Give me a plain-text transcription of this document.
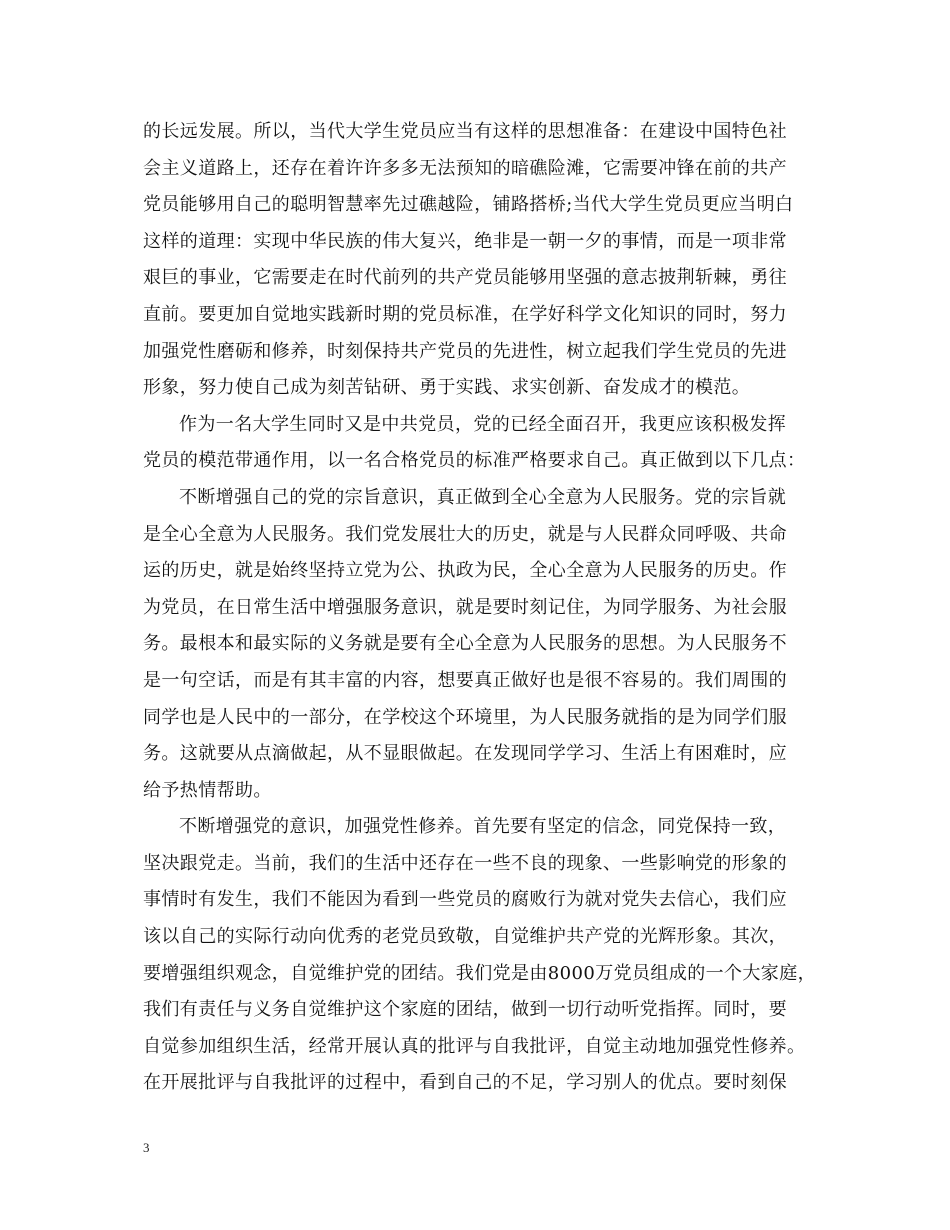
的长远发展。所以，当代大学生党员应当有这样的思想准备：在建设中国特色社
会主义道路上，还存在着许许多多无法预知的暗礁险滩，它需要冲锋在前的共产
党员能够用自己的聪明智慧率先过礁越险，铺路搭桥;当代大学生党员更应当明白
这样的道理：实现中华民族的伟大复兴，绝非是一朝一夕的事情，而是一项非常
艰巨的事业，它需要走在时代前列的共产党员能够用坚强的意志披荆斩棘，勇往
直前。要更加自觉地实践新时期的党员标准，在学好科学文化知识的同时，努力
加强党性磨砺和修养，时刻保持共产党员的先进性，树立起我们学生党员的先进
形象，努力使自己成为刻苦钻研、勇于实践、求实创新、奋发成才的模范。
作为一名大学生同时又是中共党员，党的已经全面召开，我更应该积极发挥
党员的模范带通作用，以一名合格党员的标准严格要求自己。真正做到以下几点：
不断增强自己的党的宗旨意识，真正做到全心全意为人民服务。党的宗旨就
是全心全意为人民服务。我们党发展壮大的历史，就是与人民群众同呼吸、共命
运的历史，就是始终坚持立党为公、执政为民，全心全意为人民服务的历史。作
为党员，在日常生活中增强服务意识，就是要时刻记住，为同学服务、为社会服
务。最根本和最实际的义务就是要有全心全意为人民服务的思想。为人民服务不
是一句空话，而是有其丰富的内容，想要真正做好也是很不容易的。我们周围的
同学也是人民中的一部分，在学校这个环境里，为人民服务就指的是为同学们服
务。这就要从点滴做起，从不显眼做起。在发现同学学习、生活上有困难时，应
给予热情帮助。
不断增强党的意识，加强党性修养。首先要有坚定的信念，同党保持一致，
坚决跟党走。当前，我们的生活中还存在一些不良的现象、一些影响党的形象的
事情时有发生，我们不能因为看到一些党员的腐败行为就对党失去信心，我们应
该以自己的实际行动向优秀的老党员致敬，自觉维护共产党的光辉形象。其次，
要增强组织观念，自觉维护党的团结。我们党是由8000万党员组成的一个大家庭，
我们有责任与义务自觉维护这个家庭的团结，做到一切行动听党指挥。同时，要
自觉参加组织生活，经常开展认真的批评与自我批评，自觉主动地加强党性修养。
在开展批评与自我批评的过程中，看到自己的不足，学习别人的优点。要时刻保
3
